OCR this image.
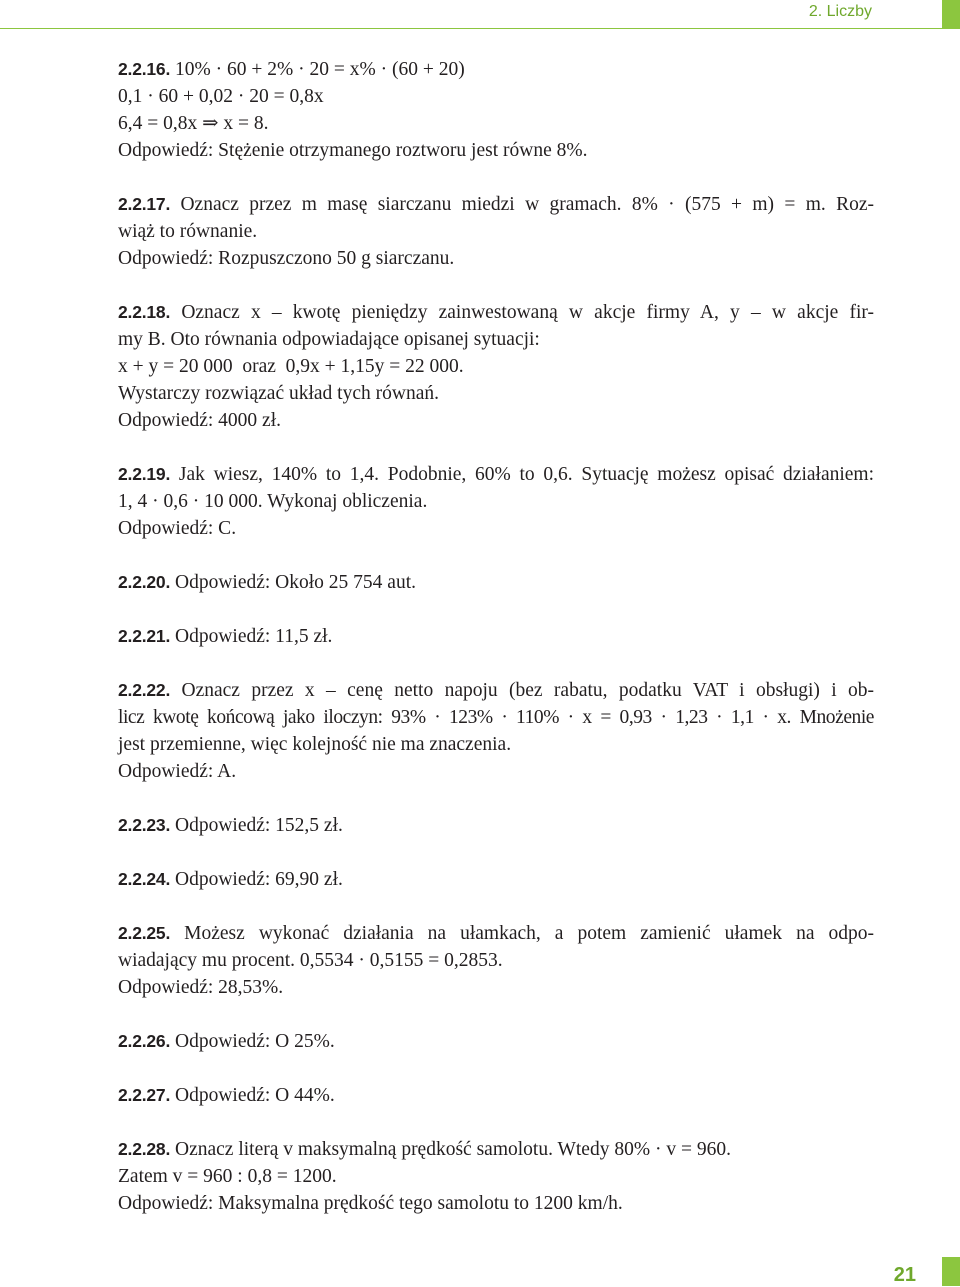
2. Liczby
2.2.16. 10% · 60 + 2% · 20 = x% · (60 + 20)
0,1 · 60 + 0,02 · 20 = 0,8x
6,4 = 0,8x ⇒ x = 8.
Odpowiedź: Stężenie otrzymanego roztworu jest równe 8%.
2.2.17. Oznacz przez m masę siarczanu miedzi w gramach. 8% · (575 + m) = m. Roz-
wiąż to równanie.
Odpowiedź: Rozpuszczono 50 g siarczanu.
2.2.18. Oznacz x – kwotę pieniędzy zainwestowaną w akcje firmy A, y – w akcje fir-
my B. Oto równania odpowiadające opisanej sytuacji:
x + y = 20 000  oraz  0,9x + 1,15y = 22 000.
Wystarczy rozwiązać układ tych równań.
Odpowiedź: 4000 zł.
2.2.19. Jak wiesz, 140% to 1,4. Podobnie, 60% to 0,6. Sytuację możesz opisać działaniem:
1, 4 · 0,6 · 10 000. Wykonaj obliczenia.
Odpowiedź: C.
2.2.20. Odpowiedź: Około 25 754 aut.
2.2.21. Odpowiedź: 11,5 zł.
2.2.22. Oznacz przez x – cenę netto napoju (bez rabatu, podatku VAT i obsługi) i ob-
licz kwotę końcową jako iloczyn: 93% · 123% · 110% · x = 0,93 · 1,23 · 1,1 · x. Mnożenie
jest przemienne, więc kolejność nie ma znaczenia.
Odpowiedź: A.
2.2.23. Odpowiedź: 152,5 zł.
2.2.24. Odpowiedź: 69,90 zł.
2.2.25. Możesz wykonać działania na ułamkach, a potem zamienić ułamek na odpo-
wiadający mu procent. 0,5534 · 0,5155 = 0,2853.
Odpowiedź: 28,53%.
2.2.26. Odpowiedź: O 25%.
2.2.27. Odpowiedź: O 44%.
2.2.28. Oznacz literą v maksymalną prędkość samolotu. Wtedy 80% · v = 960.
Zatem v = 960 : 0,8 = 1200.
Odpowiedź: Maksymalna prędkość tego samolotu to 1200 km/h.
21
